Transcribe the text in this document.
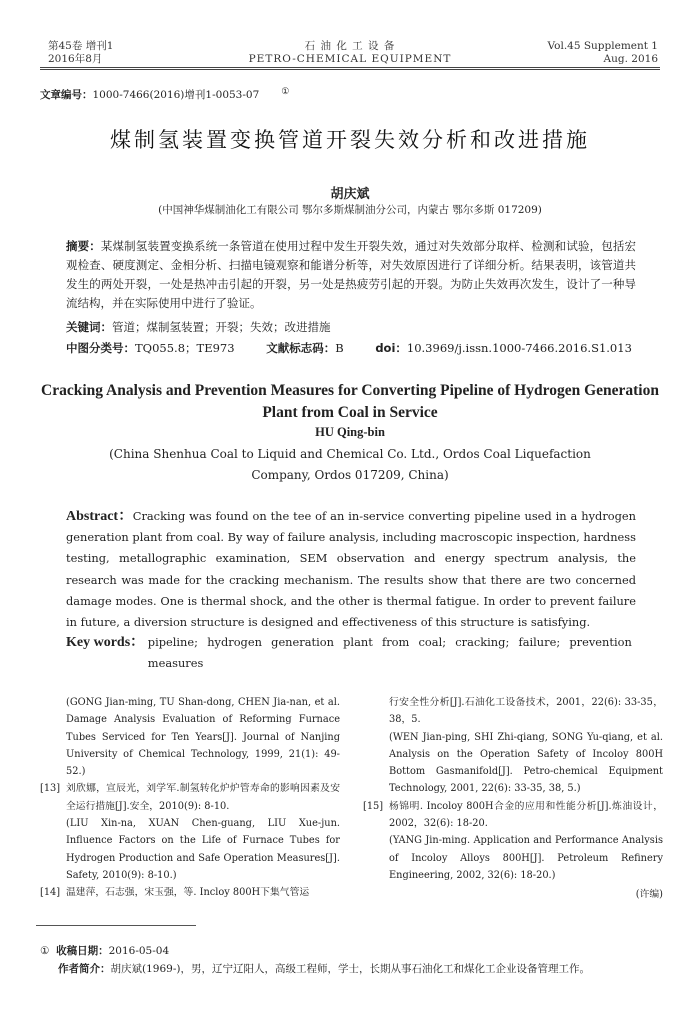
第45卷 增刊1
2016年8月
石 油 化 工 设 备
PETRO-CHEMICAL EQUIPMENT
Vol.45 Supplement 1
Aug. 2016
文章编号：1000-7466(2016)增刊1-0053-07 ①
煤制氢装置变换管道开裂失效分析和改进措施
胡庆斌
(中国神华煤制油化工有限公司 鄂尔多斯煤制油分公司，内蒙古 鄂尔多斯 017209)
摘要：某煤制氢装置变换系统一条管道在使用过程中发生开裂失效，通过对失效部分取样、检测和试验，包括宏观检查、硬度测定、金相分析、扫描电镜观察和能谱分析等，对失效原因进行了详细分析。结果表明，该管道共发生的两处开裂，一处是热冲击引起的开裂，另一处是热疲劳引起的开裂。为防止失效再次发生，设计了一种导流结构，并在实际使用中进行了验证。
关键词：管道；煤制氢装置；开裂；失效；改进措施
中图分类号：TQ055.8；TE973	文献标志码：B	doi：10.3969/j.issn.1000-7466.2016.S1.013
Cracking Analysis and Prevention Measures for Converting Pipeline of Hydrogen Generation Plant from Coal in Service
HU Qing-bin
(China Shenhua Coal to Liquid and Chemical Co. Ltd., Ordos Coal Liquefaction Company, Ordos 017209, China)
Abstract：Cracking was found on the tee of an in-service converting pipeline used in a hydrogen generation plant from coal. By way of failure analysis, including macroscopic inspection, hardness testing, metallographic examination, SEM observation and energy spectrum analysis, the research was made for the cracking mechanism. The results show that there are two concerned damage modes. One is thermal shock, and the other is thermal fatigue. In order to prevent failure in future, a diversion structure is designed and effectiveness of this structure is satisfying.
Key words： pipeline; hydrogen generation plant from coal; cracking; failure; prevention measures

(GONG Jian-ming, TU Shan-dong, CHEN Jia-nan, et al. Damage Analysis Evaluation of Reforming Furnace Tubes Serviced for Ten Years[J]. Journal of Nanjing University of Chemical Technology, 1999, 21(1): 49-52.)

[13] 刘欣娜，宣辰光，刘学军.制氢转化炉炉管寿命的影响因素及安全运行措施[J].安全，2010(9): 8-10.

(LIU Xin-na, XUAN Chen-guang, LIU Xue-jun. Influence Factors on the Life of Furnace Tubes for Hydrogen Production and Safe Operation Measures[J]. Safety, 2010(9): 8-10.)

[14] 温建萍，石志强，宋玉强，等. Incloy 800H下集气管运

行安全性分析[J].石油化工设备技术，2001，22(6): 33-35，38，5.

(WEN Jian-ping, SHI Zhi-qiang, SONG Yu-qiang, et al. Analysis on the Operation Safety of Incoloy 800H Bottom Gasmanifold[J]. Petro-chemical Equipment Technology, 2001, 22(6): 33-35, 38, 5.)

[15] 杨锦明. Incoloy 800H合金的应用和性能分析[J].炼油设计，2002，32(6): 18-20.

(YANG Jin-ming. Application and Performance Analysis of Incoloy Alloys 800H[J]. Petroleum Refinery Engineering, 2002, 32(6): 18-20.)

(许编)
① 收稿日期：2016-05-04
作者简介：胡庆斌(1969-)，男，辽宁辽阳人，高级工程师，学士，长期从事石油化工和煤化工企业设备管理工作。
